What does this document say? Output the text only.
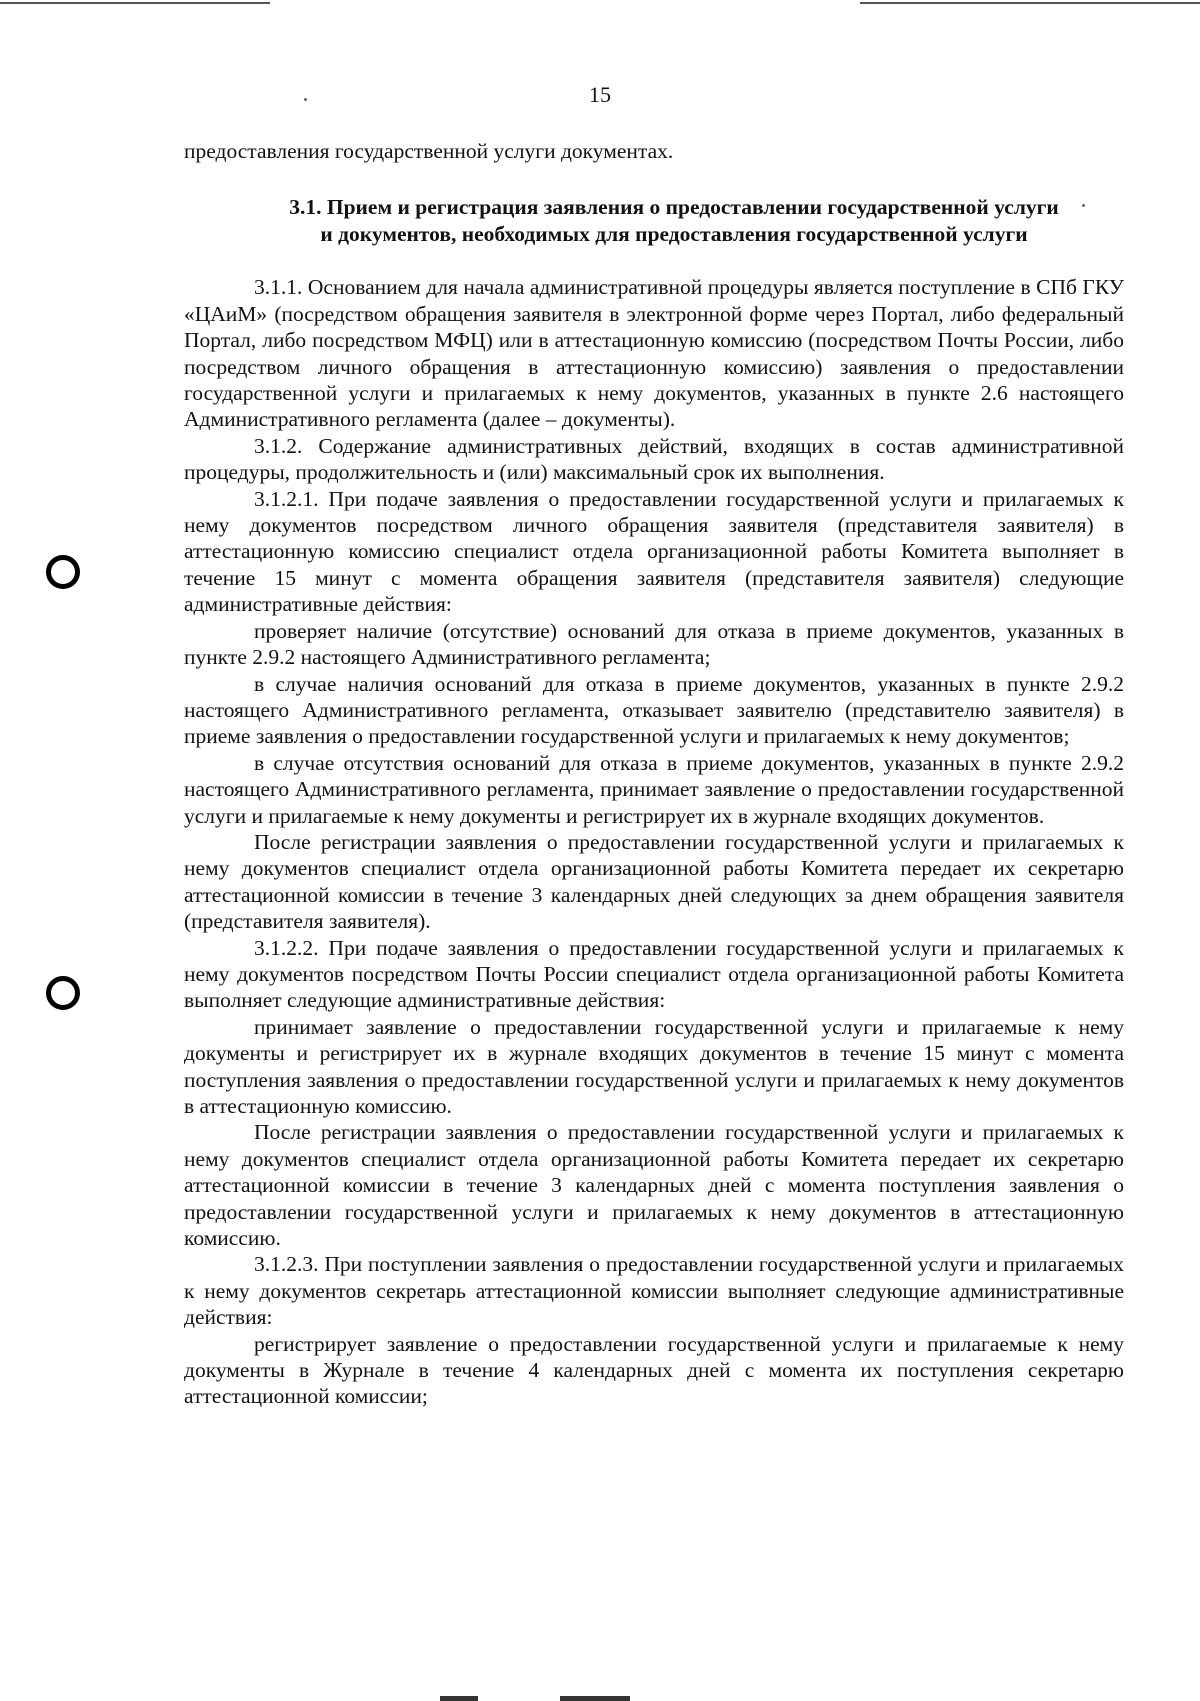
15

предоставления государственной услуги документах.

3.1. Прием и регистрация заявления о предоставлении государственной услуги
и документов, необходимых для предоставления государственной услуги

3.1.1. Основанием для начала административной процедуры является поступление в СПб ГКУ «ЦАиМ» (посредством обращения заявителя в электронной форме через Портал, либо федеральный Портал, либо посредством МФЦ) или в аттестационную комиссию (посредством Почты России, либо посредством личного обращения в аттестационную комиссию) заявления о предоставлении государственной услуги и прилагаемых к нему документов, указанных в пункте 2.6 настоящего Административного регламента (далее – документы).

3.1.2. Содержание административных действий, входящих в состав административной процедуры, продолжительность и (или) максимальный срок их выполнения.

3.1.2.1. При подаче заявления о предоставлении государственной услуги и прилагаемых к нему документов посредством личного обращения заявителя (представителя заявителя) в аттестационную комиссию специалист отдела организационной работы Комитета выполняет в течение 15 минут с момента обращения заявителя (представителя заявителя) следующие административные действия:

проверяет наличие (отсутствие) оснований для отказа в приеме документов, указанных в пункте 2.9.2 настоящего Административного регламента;

в случае наличия оснований для отказа в приеме документов, указанных в пункте 2.9.2 настоящего Административного регламента, отказывает заявителю (представителю заявителя) в приеме заявления о предоставлении государственной услуги и прилагаемых к нему документов;

в случае отсутствия оснований для отказа в приеме документов, указанных в пункте 2.9.2 настоящего Административного регламента, принимает заявление о предоставлении государственной услуги и прилагаемые к нему документы и регистрирует их в журнале входящих документов.

После регистрации заявления о предоставлении государственной услуги и прилагаемых к нему документов специалист отдела организационной работы Комитета передает их секретарю аттестационной комиссии в течение 3 календарных дней следующих за днем обращения заявителя (представителя заявителя).

3.1.2.2. При подаче заявления о предоставлении государственной услуги и прилагаемых к нему документов посредством Почты России специалист отдела организационной работы Комитета выполняет следующие административные действия:

принимает заявление о предоставлении государственной услуги и прилагаемые к нему документы и регистрирует их в журнале входящих документов в течение 15 минут с момента поступления заявления о предоставлении государственной услуги и прилагаемых к нему документов в аттестационную комиссию.

После регистрации заявления о предоставлении государственной услуги и прилагаемых к нему документов специалист отдела организационной работы Комитета передает их секретарю аттестационной комиссии в течение 3 календарных дней с момента поступления заявления о предоставлении государственной услуги и прилагаемых к нему документов в аттестационную комиссию.

3.1.2.3. При поступлении заявления о предоставлении государственной услуги и прилагаемых к нему документов секретарь аттестационной комиссии выполняет следующие административные действия:

регистрирует заявление о предоставлении государственной услуги и прилагаемые к нему документы в Журнале в течение 4 календарных дней с момента их поступления секретарю аттестационной комиссии;
